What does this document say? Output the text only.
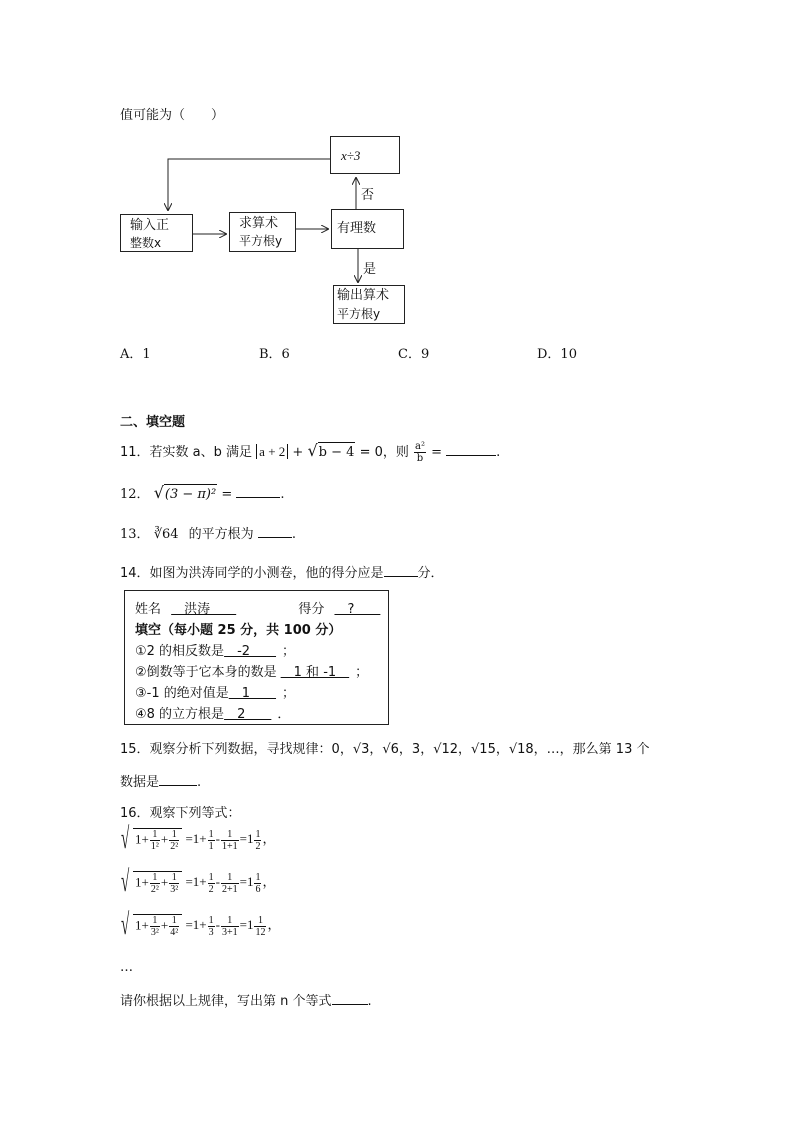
值可能为（　　）
x÷3
输入正
整数x
求算术
平方根y
有理数
输出算术
平方根y
否
是
A．1	B．6	C．9	D．10
二、填空题
11．若实数 a、b 满足 a + 2 + √b − 4 = 0，则 $\frac{\text{a²}}{b}$ =	.
12． √(3 − π)² =	.
13． ∛64 的平方根为	.
14．如图为洪涛同学的小测卷，他的得分应是	分．
姓名 　洪涛　　	得分 　?　　
填空（每小题 25 分，共 100 分）
①2 的相反数是　-2　　；
②倒数等于它本身的数是　1 和 -1　；
③-1 的绝对值是　1　　；
④8 的立方根是　2　　．
15．观察分析下列数据，寻找规律：0，√3，√6，3，√12，√15，√18，…，那么第 13 个
数据是	.
16．观察下列等式：
√ $1+ \frac{1}{\text{1²}} + \frac{1}{\text{2²}} =1+ \frac{1}{1} - \frac{1}{1+1} =1 \frac{1}{2}$ ，
√ $1+ \frac{1}{\text{2²}} + \frac{1}{\text{3²}} =1+ \frac{1}{2} - \frac{1}{2+1} =1 \frac{1}{6}$ ，
√ $1+ \frac{1}{\text{3²}} + \frac{1}{\text{4²}} =1+ \frac{1}{3} - \frac{1}{3+1} =1 \frac{1}{12}$ ，
…
请你根据以上规律，写出第 n 个等式	.
